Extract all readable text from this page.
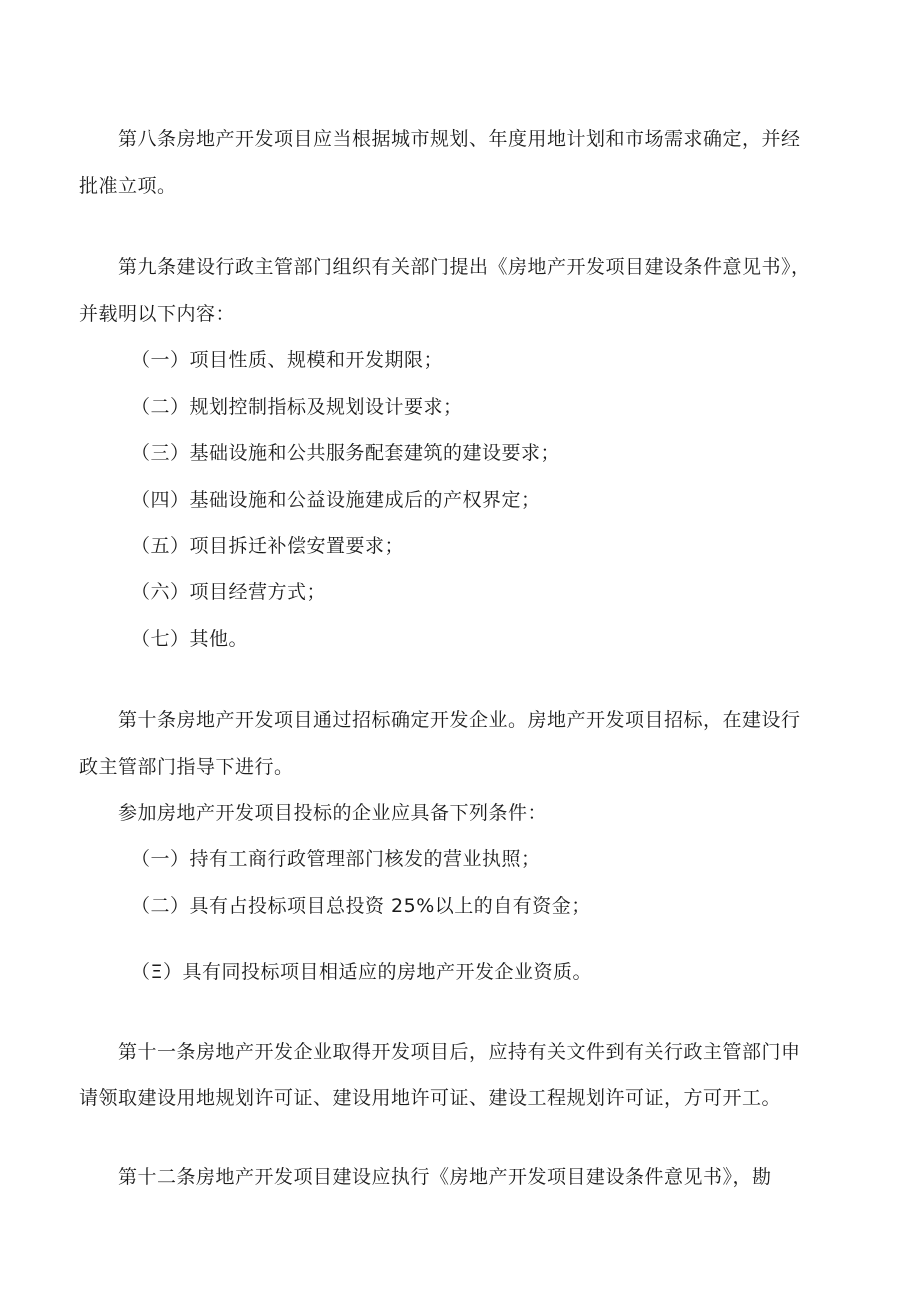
第八条房地产开发项目应当根据城市规划、年度用地计划和市场需求确定，并经

批准立项。

第九条建设行政主管部门组织有关部门提出《房地产开发项目建设条件意见书》，

并载明以下内容：

（一）项目性质、规模和开发期限；

（二）规划控制指标及规划设计要求；

（三）基础设施和公共服务配套建筑的建设要求；

（四）基础设施和公益设施建成后的产权界定；

（五）项目拆迁补偿安置要求；

（六）项目经营方式；

（七）其他。

第十条房地产开发项目通过招标确定开发企业。房地产开发项目招标，在建设行

政主管部门指导下进行。

参加房地产开发项目投标的企业应具备下列条件：

（一）持有工商行政管理部门核发的营业执照；

（二）具有占投标项目总投资 25%以上的自有资金；

（Ξ）具有同投标项目相适应的房地产开发企业资质。

第十一条房地产开发企业取得开发项目后，应持有关文件到有关行政主管部门申

请领取建设用地规划许可证、建设用地许可证、建设工程规划许可证，方可开工。

第十二条房地产开发项目建设应执行《房地产开发项目建设条件意见书》，勘
